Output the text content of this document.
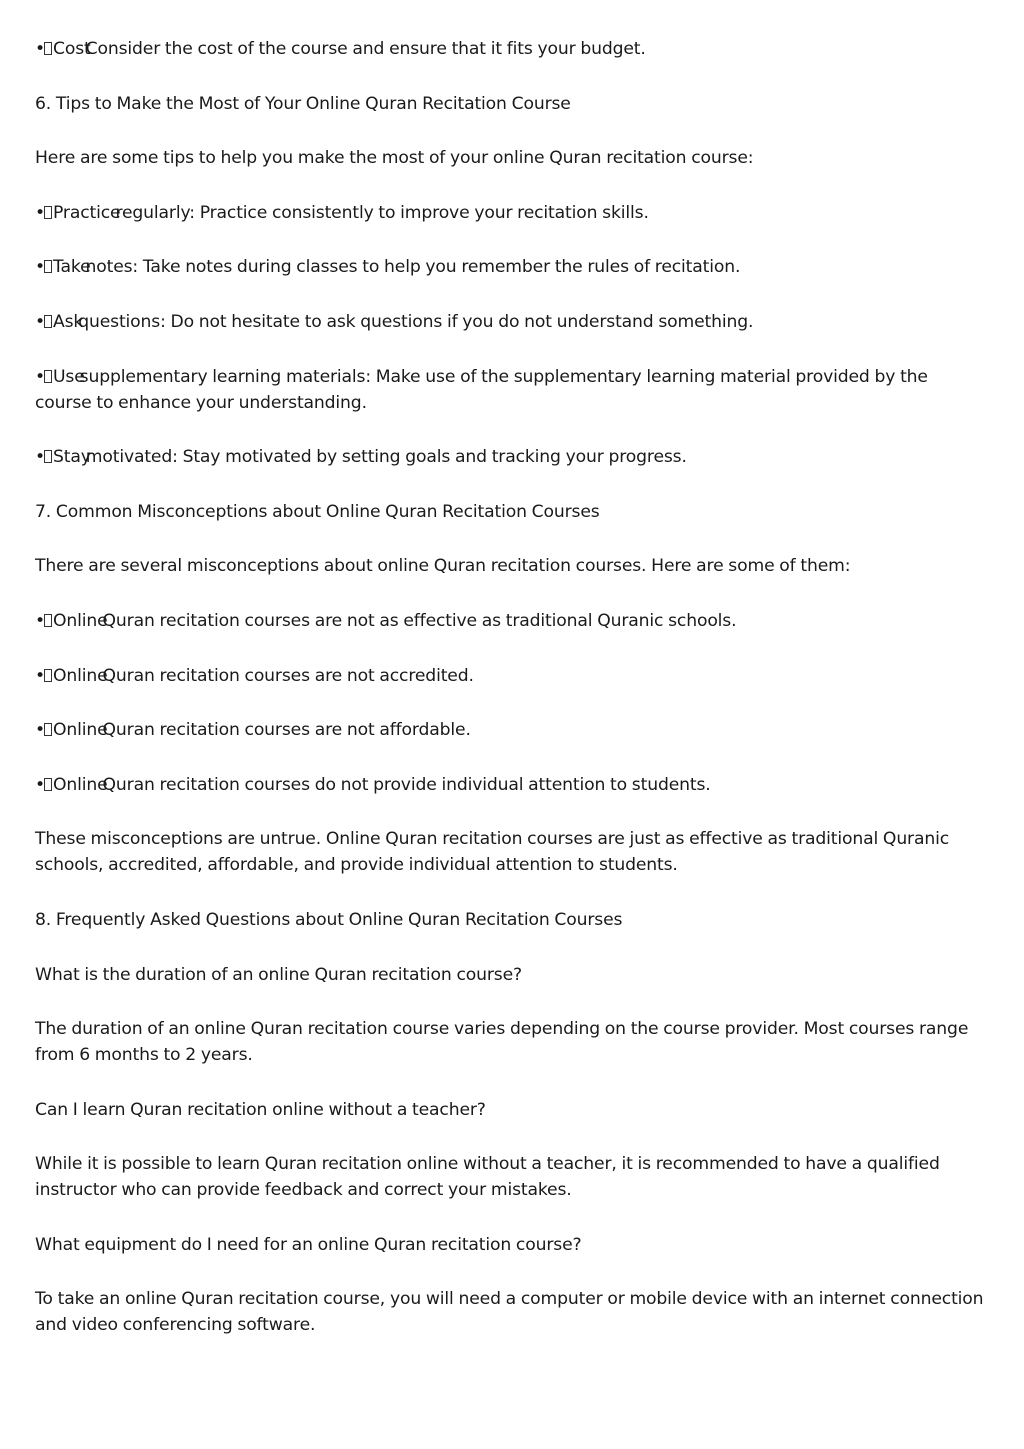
• CostConsider the cost of the course and ensure that it fits your budget.

6. Tips to Make the Most of Your Online Quran Recitation Course

Here are some tips to help you make the most of your online Quran recitation course:

• Practiceregularly: Practice consistently to improve your recitation skills.

• Takenotes: Take notes during classes to help you remember the rules of recitation.

• Askquestions: Do not hesitate to ask questions if you do not understand something.

• Usesupplementary learning materials: Make use of the supplementary learning material provided by the course to enhance your understanding.

• Staymotivated: Stay motivated by setting goals and tracking your progress.

7. Common Misconceptions about Online Quran Recitation Courses

There are several misconceptions about online Quran recitation courses. Here are some of them:

• OnlineQuran recitation courses are not as effective as traditional Quranic schools.

• OnlineQuran recitation courses are not accredited.

• OnlineQuran recitation courses are not affordable.

• OnlineQuran recitation courses do not provide individual attention to students.

These misconceptions are untrue. Online Quran recitation courses are just as effective as traditional Quranic schools, accredited, affordable, and provide individual attention to students.

8. Frequently Asked Questions about Online Quran Recitation Courses

What is the duration of an online Quran recitation course?

The duration of an online Quran recitation course varies depending on the course provider. Most courses range from 6 months to 2 years.

Can I learn Quran recitation online without a teacher?

While it is possible to learn Quran recitation online without a teacher, it is recommended to have a qualified instructor who can provide feedback and correct your mistakes.

What equipment do I need for an online Quran recitation course?

To take an online Quran recitation course, you will need a computer or mobile device with an internet connection and video conferencing software.
